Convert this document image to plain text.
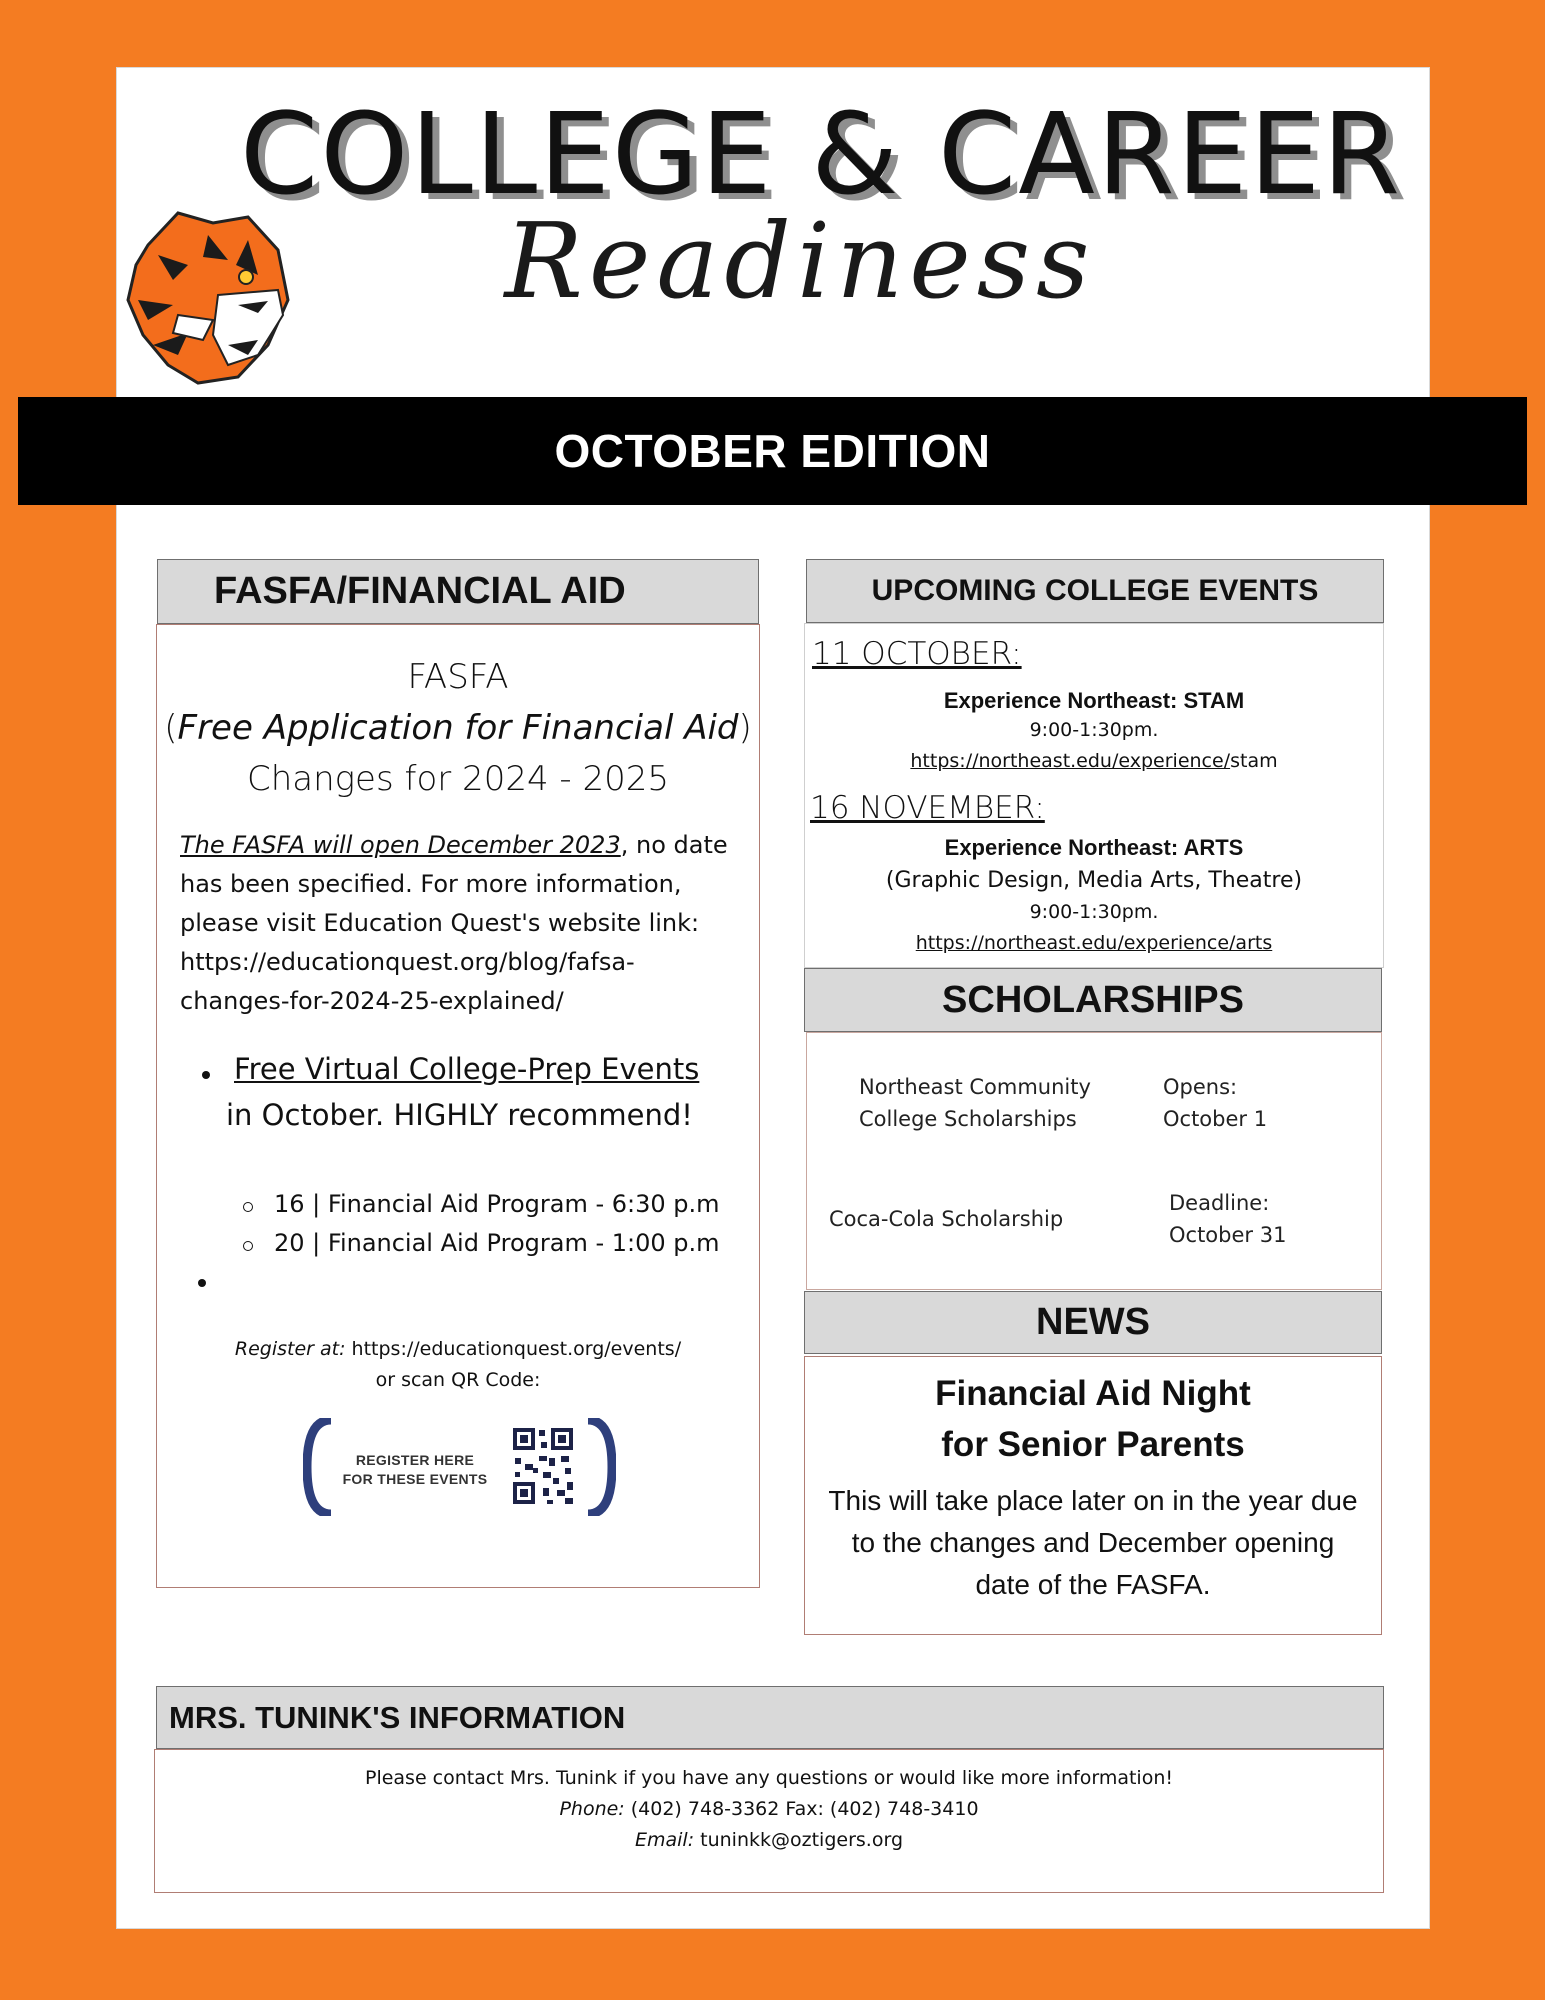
COLLEGE & CAREER
Readiness
OCTOBER EDITION
FASFA/FINANCIAL AID
FASFA
(Free Application for Financial Aid)
Changes for 2024 - 2025
The FASFA will open December 2023, no date
has been specified. For more information,
please visit Education Quest's website link:
https://educationquest.org/blog/fafsa-
changes-for-2024-25-explained/
Free Virtual College-Prep Events
in October. HIGHLY recommend!
16 | Financial Aid Program - 6:30 p.m
20 | Financial Aid Program - 1:00 p.m
Register at: https://educationquest.org/events/
or scan QR Code:
REGISTER HERE
FOR THESE EVENTS
UPCOMING COLLEGE EVENTS
11 OCTOBER:
Experience Northeast: STAM
9:00-1:30pm.
https://northeast.edu/experience/stam
16 NOVEMBER:
Experience Northeast: ARTS
(Graphic Design, Media Arts, Theatre)
9:00-1:30pm.
https://northeast.edu/experience/arts
SCHOLARSHIPS
Northeast Community
College Scholarships
Opens:
October 1
Coca-Cola Scholarship
Deadline:
October 31
NEWS
Financial Aid Night
for Senior Parents
This will take place later on in the year due
to the changes and December opening
date of the FASFA.
MRS. TUNINK'S INFORMATION
Please contact Mrs. Tunink if you have any questions or would like more information!
Phone: (402) 748-3362 Fax: (402) 748-3410
Email: tuninkk@oztigers.org
